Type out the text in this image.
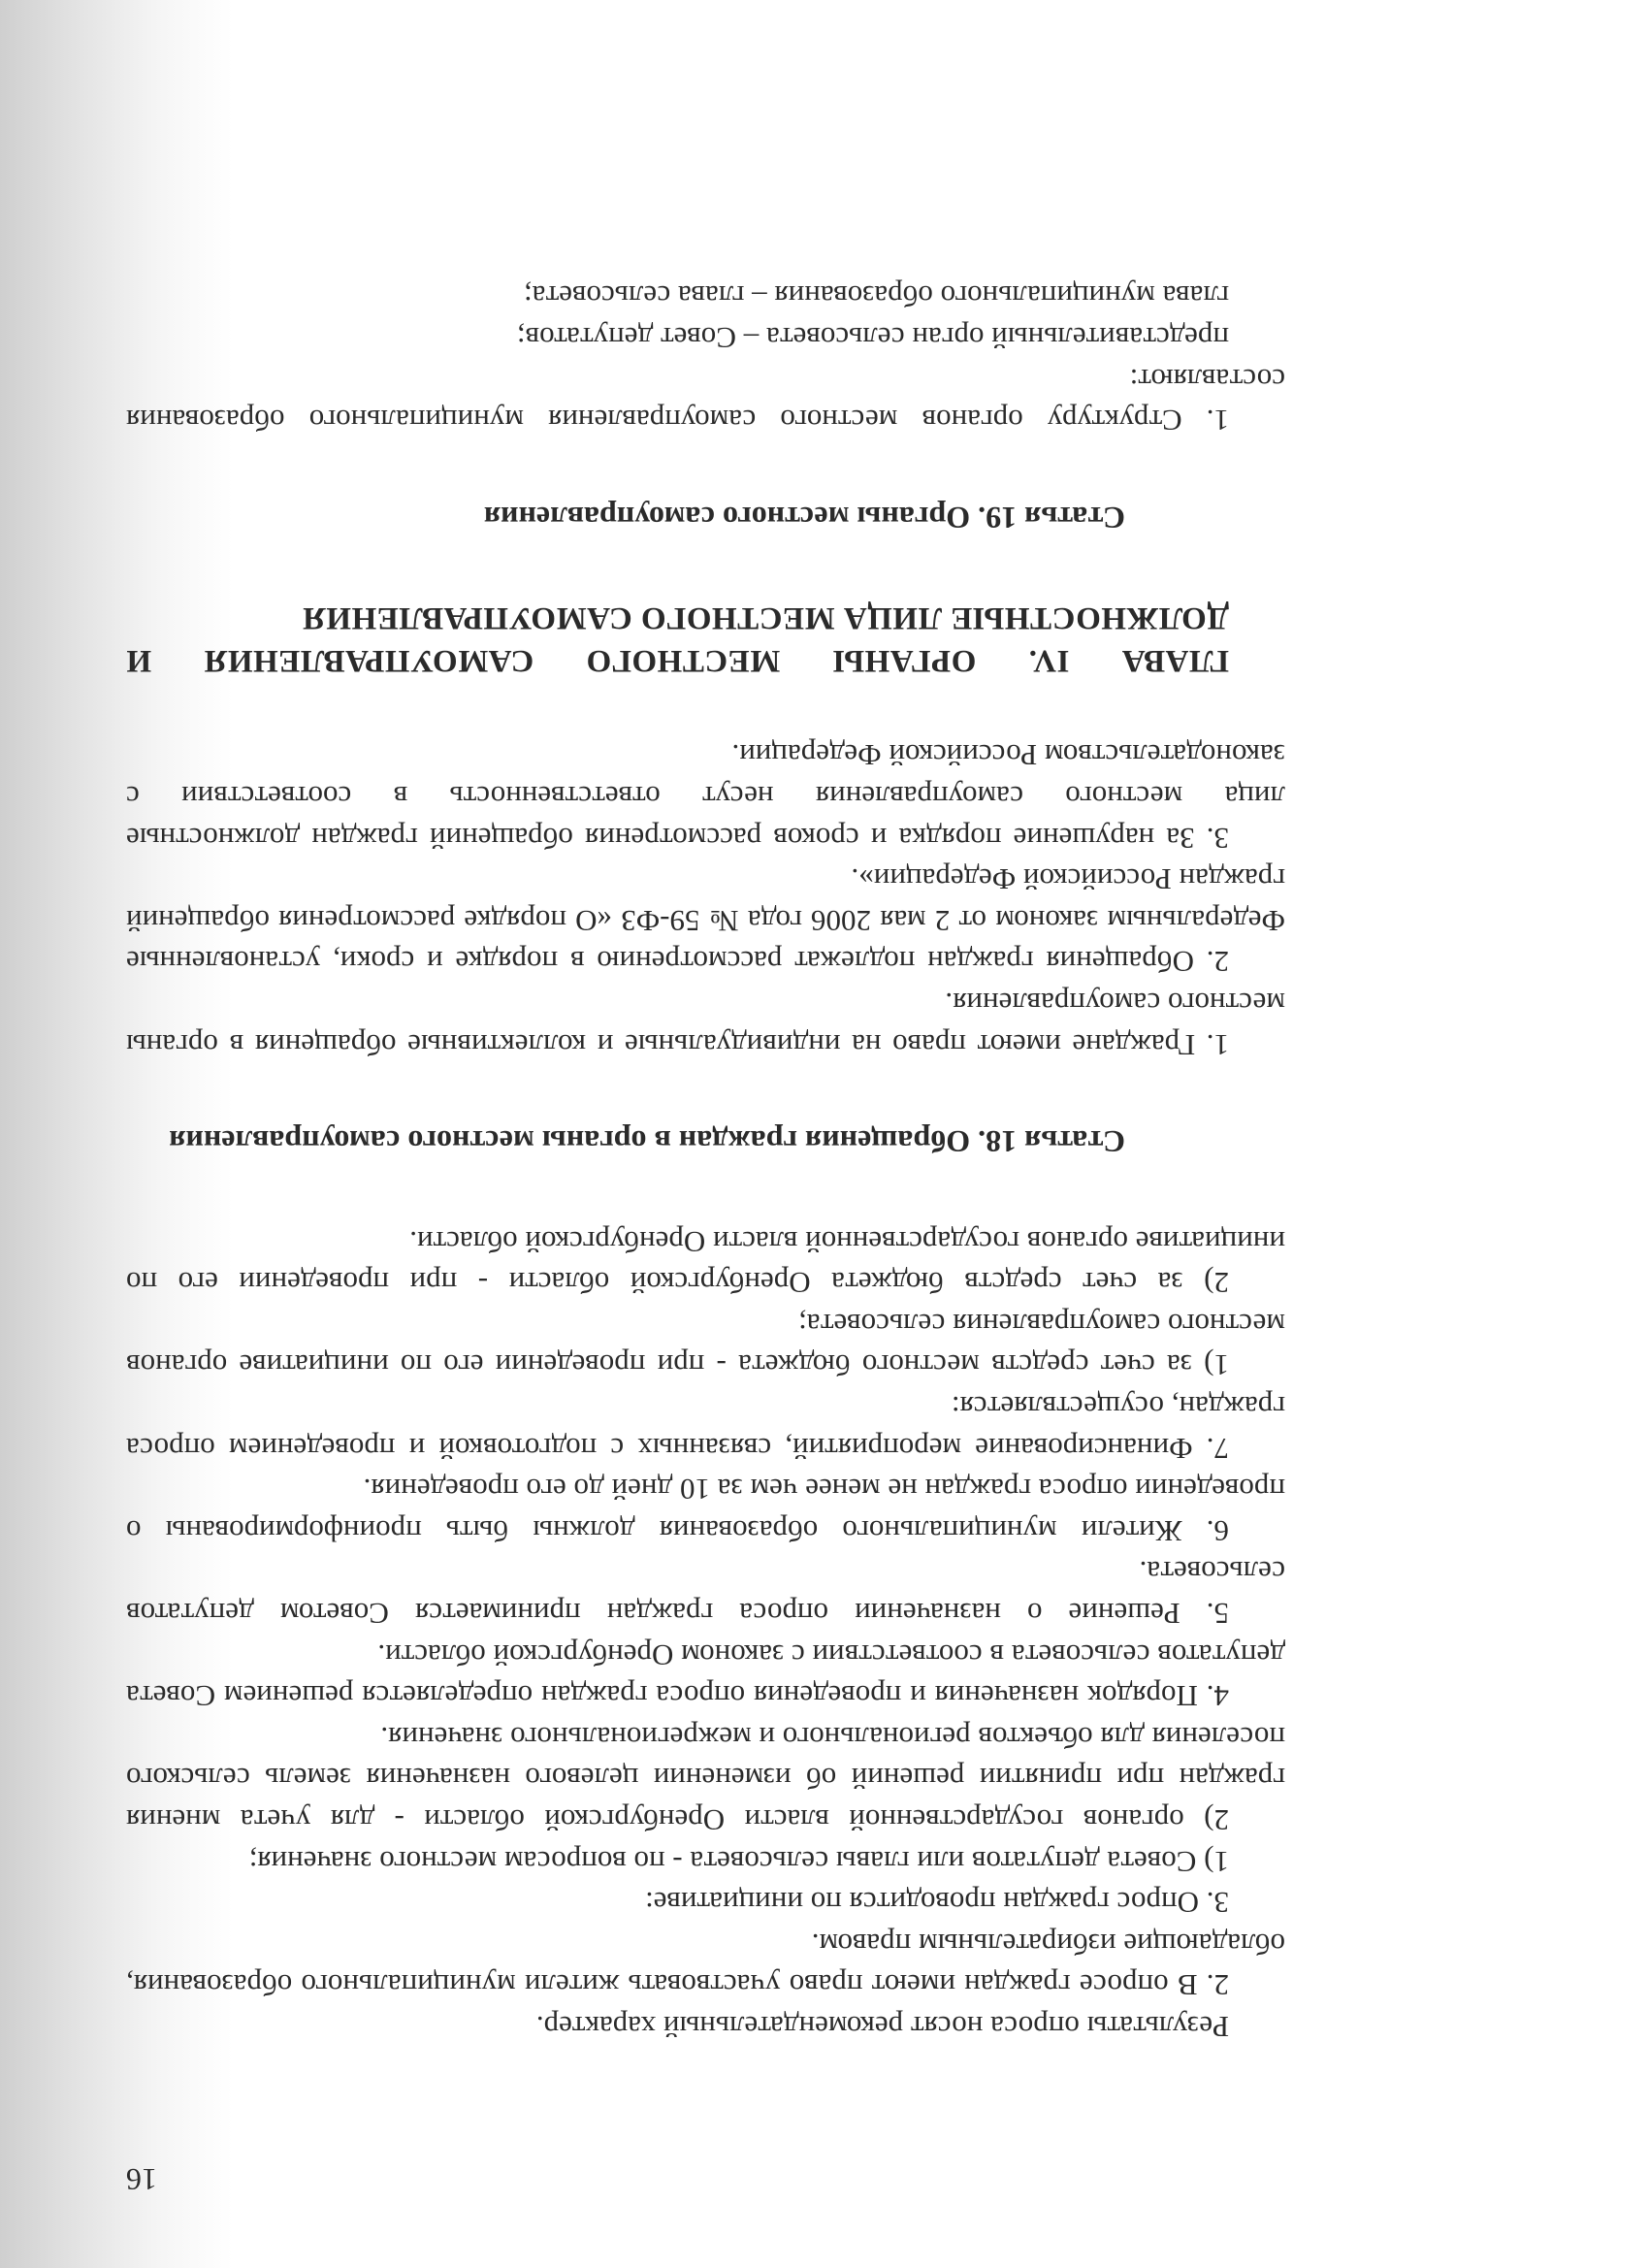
16

Результаты опроса носят рекомендательный характер.

2. В опросе граждан имеют право участвовать жители муниципального образования, обладающие избирательным правом.

3. Опрос граждан проводится по инициативе:

1) Совета депутатов или главы сельсовета - по вопросам местного значения;

2) органов государственной власти Оренбургской области - для учета мнения граждан при принятии решений об изменении целевого назначения земель сельского поселения для объектов регионального и межрегионального значения.

4. Порядок назначения и проведения опроса граждан определяется решением Совета депутатов сельсовета в соответствии с законом Оренбургской области.

5. Решение о назначении опроса граждан принимается Советом депутатов сельсовета.

6. Жители муниципального образования должны быть проинформированы о проведении опроса граждан не менее чем за 10 дней до его проведения.

7. Финансирование мероприятий, связанных с подготовкой и проведением опроса граждан, осуществляется:

1) за счет средств местного бюджета - при проведении его по инициативе органов местного самоуправления сельсовета;

2) за счет средств бюджета Оренбургской области - при проведении его по инициативе органов государственной власти Оренбургской области.

Статья 18. Обращения граждан в органы местного самоуправления

1. Граждане имеют право на индивидуальные и коллективные обращения в органы местного самоуправления.

2. Обращения граждан подлежат рассмотрению в порядке и сроки, установленные Федеральным законом от 2 мая 2006 года № 59-ФЗ «О порядке рассмотрения обращений граждан Российской Федерации».

3. За нарушение порядка и сроков рассмотрения обращений граждан должностные лица местного самоуправления несут ответственность в соответствии с законодательством Российской Федерации.

ГЛАВА IV. ОРГАНЫ МЕСТНОГО САМОУПРАВЛЕНИЯ И ДОЛЖНОСТНЫЕ ЛИЦА МЕСТНОГО САМОУПРАВЛЕНИЯ

Статья 19. Органы местного самоуправления

1. Структуру органов местного самоуправления муниципального образования составляют:

представительный орган сельсовета – Совет депутатов;

глава муниципального образования – глава сельсовета;
